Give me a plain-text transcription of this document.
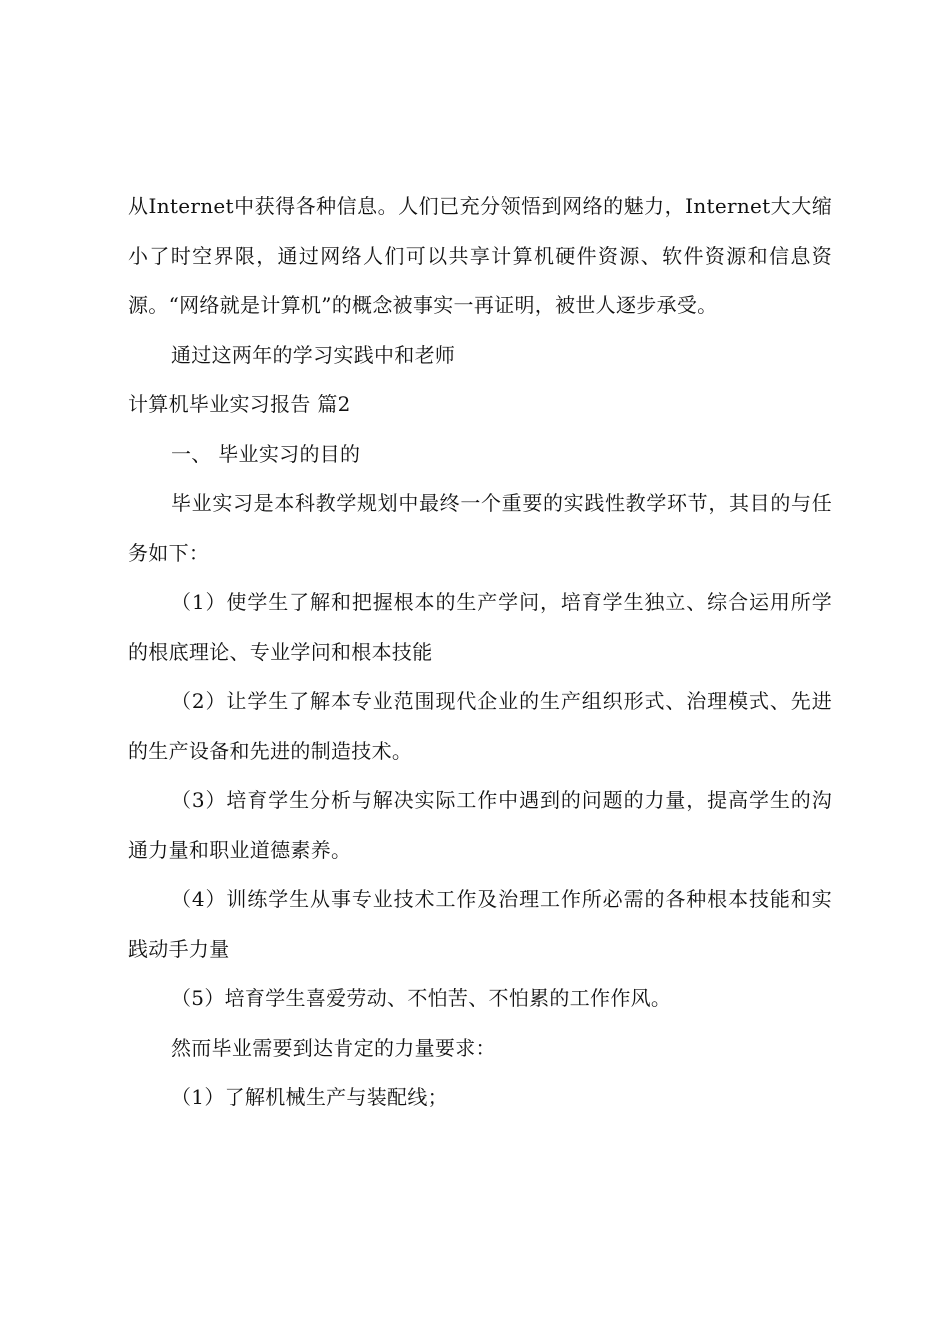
从Internet中获得各种信息。人们已充分领悟到网络的魅力，Internet大大缩小了时空界限，通过网络人们可以共享计算机硬件资源、软件资源和信息资源。“网络就是计算机”的概念被事实一再证明，被世人逐步承受。

通过这两年的学习实践中和老师

计算机毕业实习报告 篇2

一、 毕业实习的目的

毕业实习是本科教学规划中最终一个重要的实践性教学环节，其目的与任务如下：

（1）使学生了解和把握根本的生产学问，培育学生独立、综合运用所学的根底理论、专业学问和根本技能

（2）让学生了解本专业范围现代企业的生产组织形式、治理模式、先进的生产设备和先进的制造技术。

（3）培育学生分析与解决实际工作中遇到的问题的力量，提高学生的沟通力量和职业道德素养。

（4）训练学生从事专业技术工作及治理工作所必需的各种根本技能和实践动手力量

（5）培育学生喜爱劳动、不怕苦、不怕累的工作作风。

然而毕业需要到达肯定的力量要求：

（1）了解机械生产与装配线；
